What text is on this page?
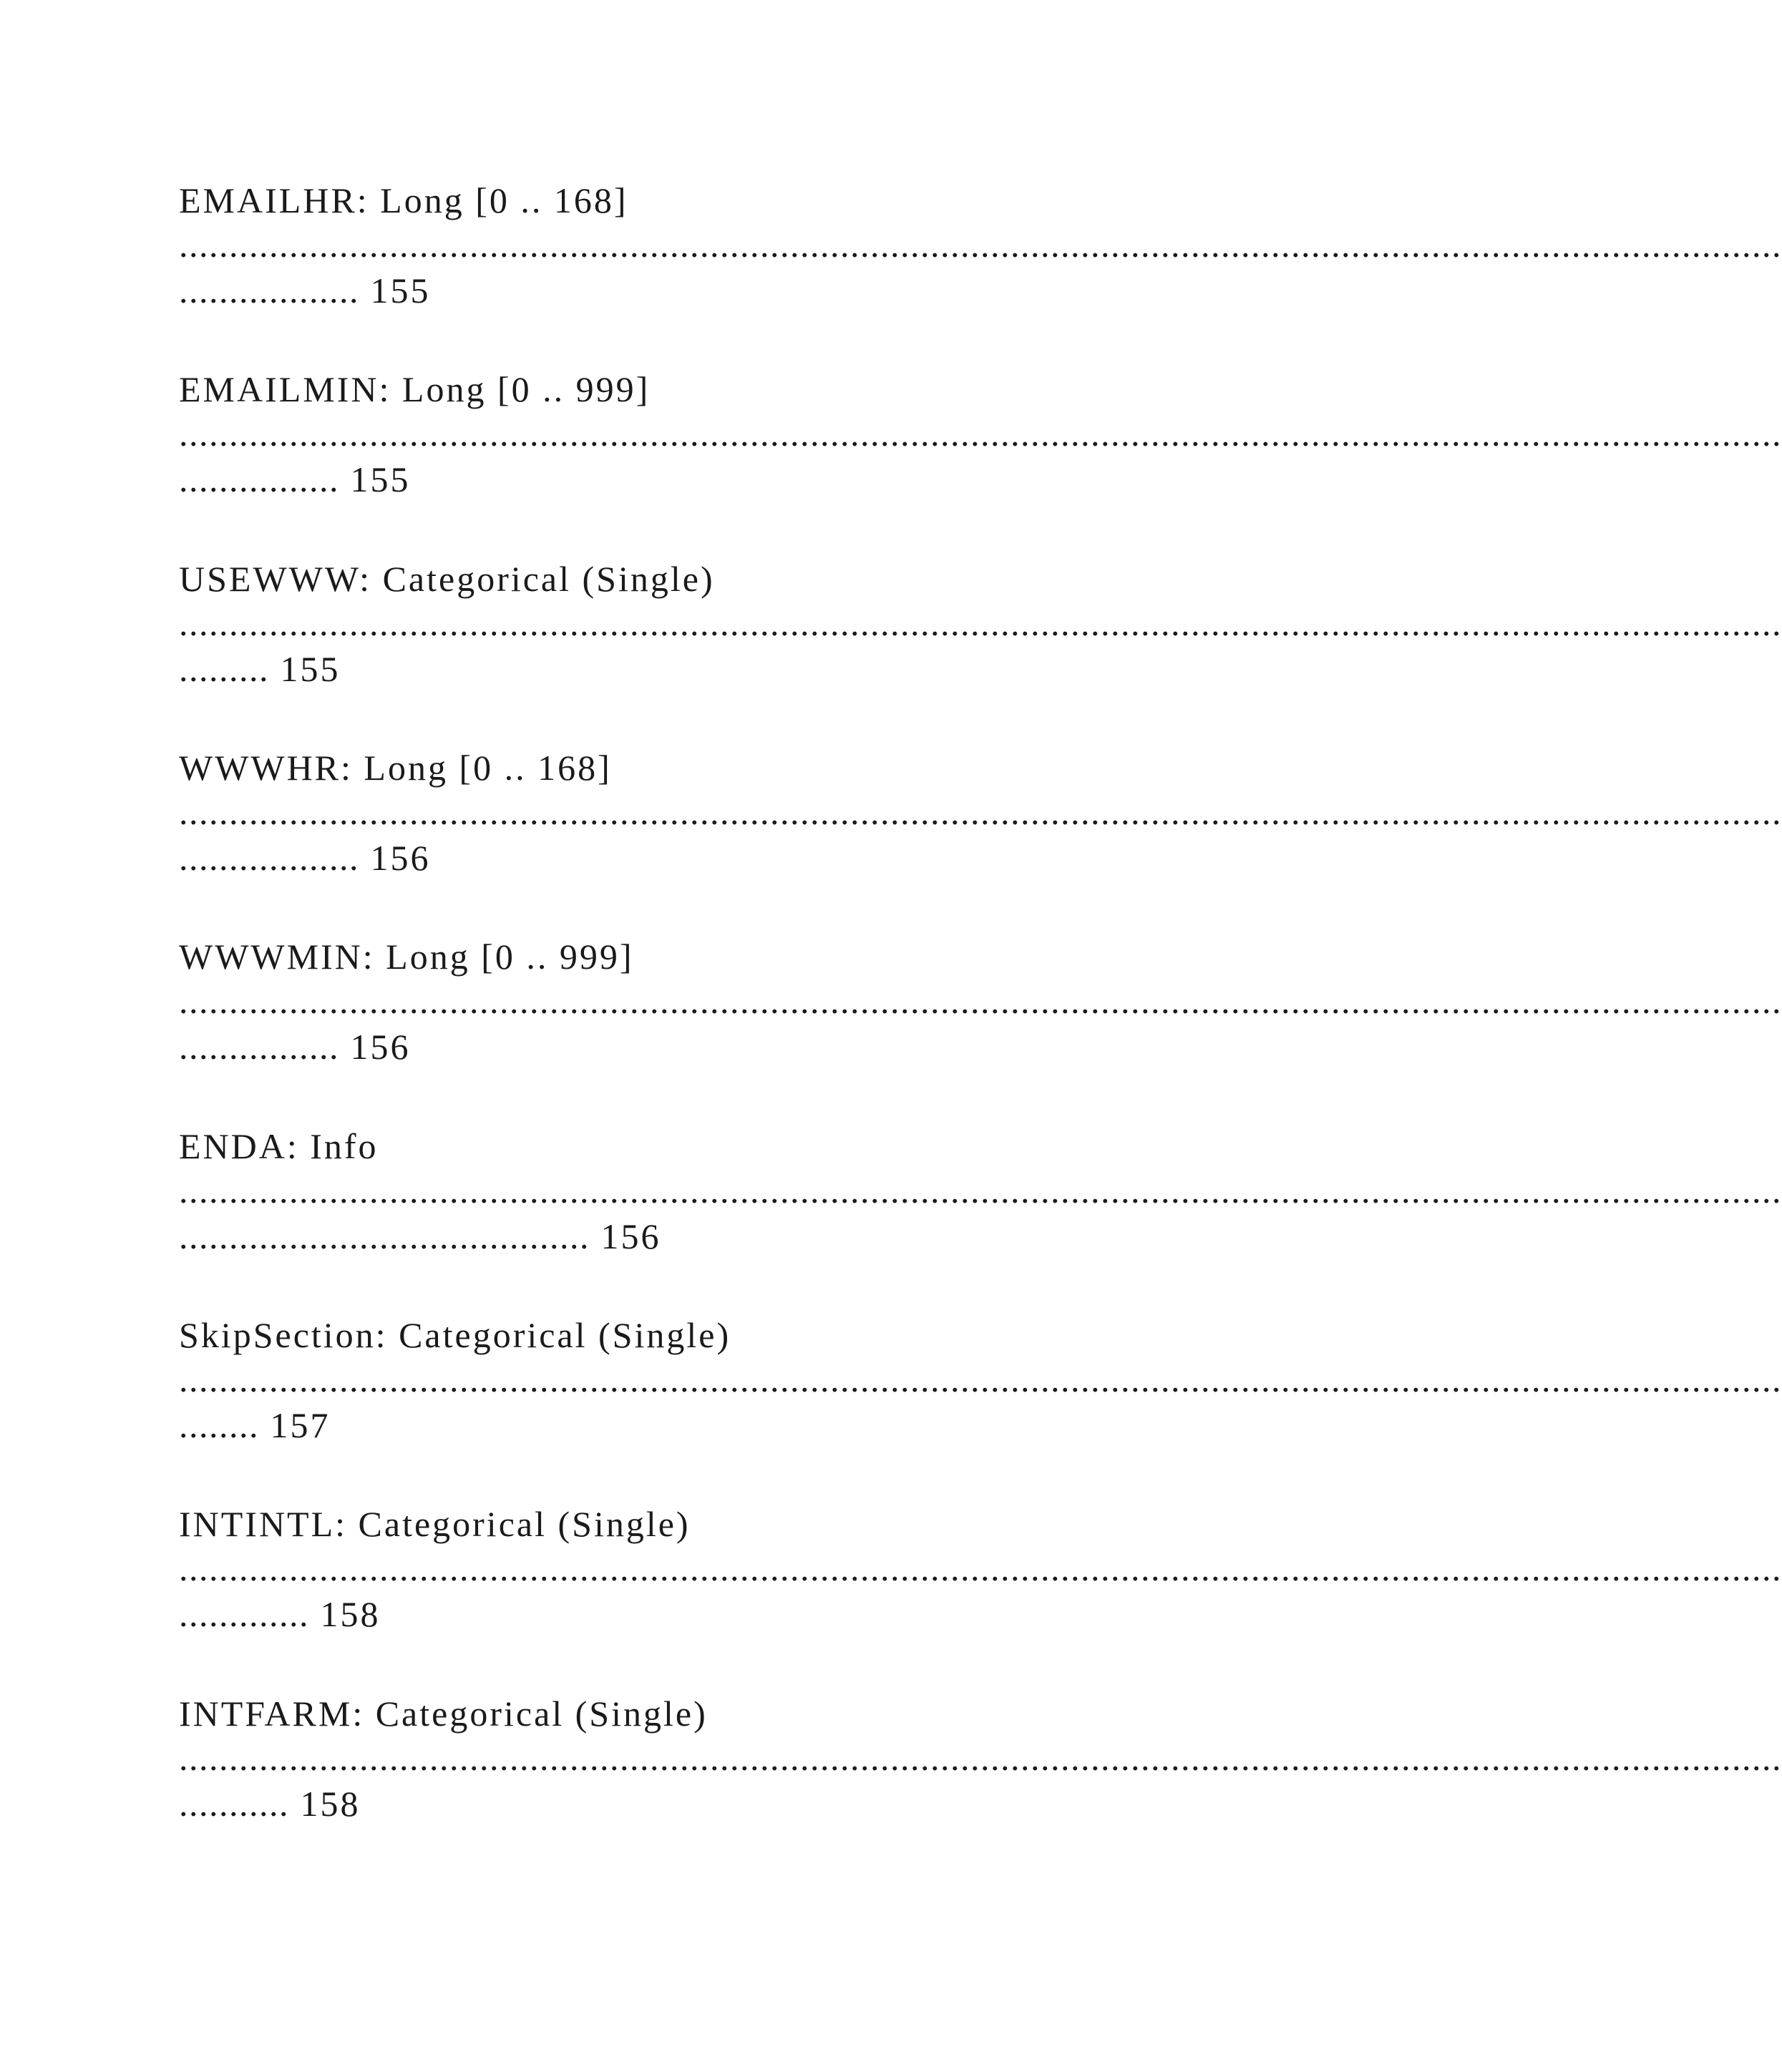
EMAILHR: Long [0 .. 168]
................................................................................................................................................................
.................. 155
EMAILMIN: Long [0 .. 999]
................................................................................................................................................................
................ 155
USEWWW: Categorical (Single)
................................................................................................................................................................
......... 155
WWWHR: Long [0 .. 168]
................................................................................................................................................................
.................. 156
WWWMIN: Long [0 .. 999]
................................................................................................................................................................
................ 156
ENDA: Info
................................................................................................................................................................
......................................... 156
SkipSection: Categorical (Single)
................................................................................................................................................................
........ 157
INTINTL: Categorical (Single)
................................................................................................................................................................
............. 158
INTFARM: Categorical (Single)
................................................................................................................................................................
........... 158
